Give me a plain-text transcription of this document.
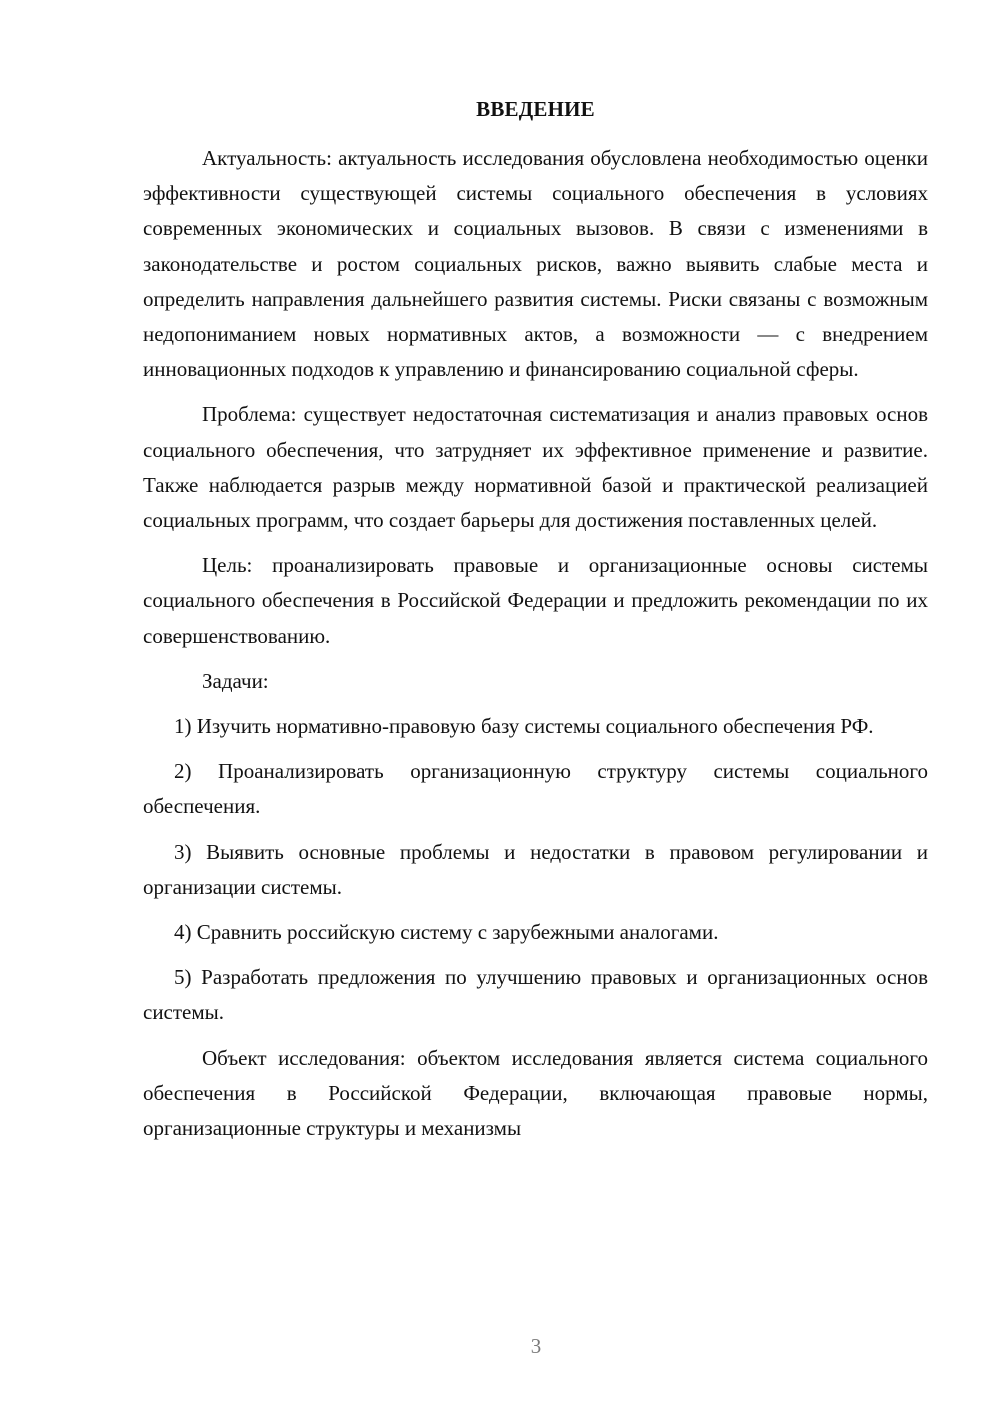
ВВЕДЕНИЕ

Актуальность: актуальность исследования обусловлена необходимостью оценки эффективности существующей системы социального обеспечения в условиях современных экономических и социальных вызовов. В связи с изменениями в законодательстве и ростом социальных рисков, важно выявить слабые места и определить направления дальнейшего развития системы. Риски связаны с возможным недопониманием новых нормативных актов, а возможности — с внедрением инновационных подходов к управлению и финансированию социальной сферы.

Проблема: существует недостаточная систематизация и анализ правовых основ социального обеспечения, что затрудняет их эффективное применение и развитие. Также наблюдается разрыв между нормативной базой и практической реализацией социальных программ, что создает барьеры для достижения поставленных целей.

Цель: проанализировать правовые и организационные основы системы социального обеспечения в Российской Федерации и предложить рекомендации по их совершенствованию.

Задачи:

1) Изучить нормативно-правовую базу системы социального обеспечения РФ.

2) Проанализировать организационную структуру системы социального обеспечения.

3) Выявить основные проблемы и недостатки в правовом регулировании и организации системы.

4) Сравнить российскую систему с зарубежными аналогами.

5) Разработать предложения по улучшению правовых и организационных основ системы.

Объект исследования: объектом исследования является система социального обеспечения в Российской Федерации, включающая правовые нормы, организационные структуры и механизмы

3
